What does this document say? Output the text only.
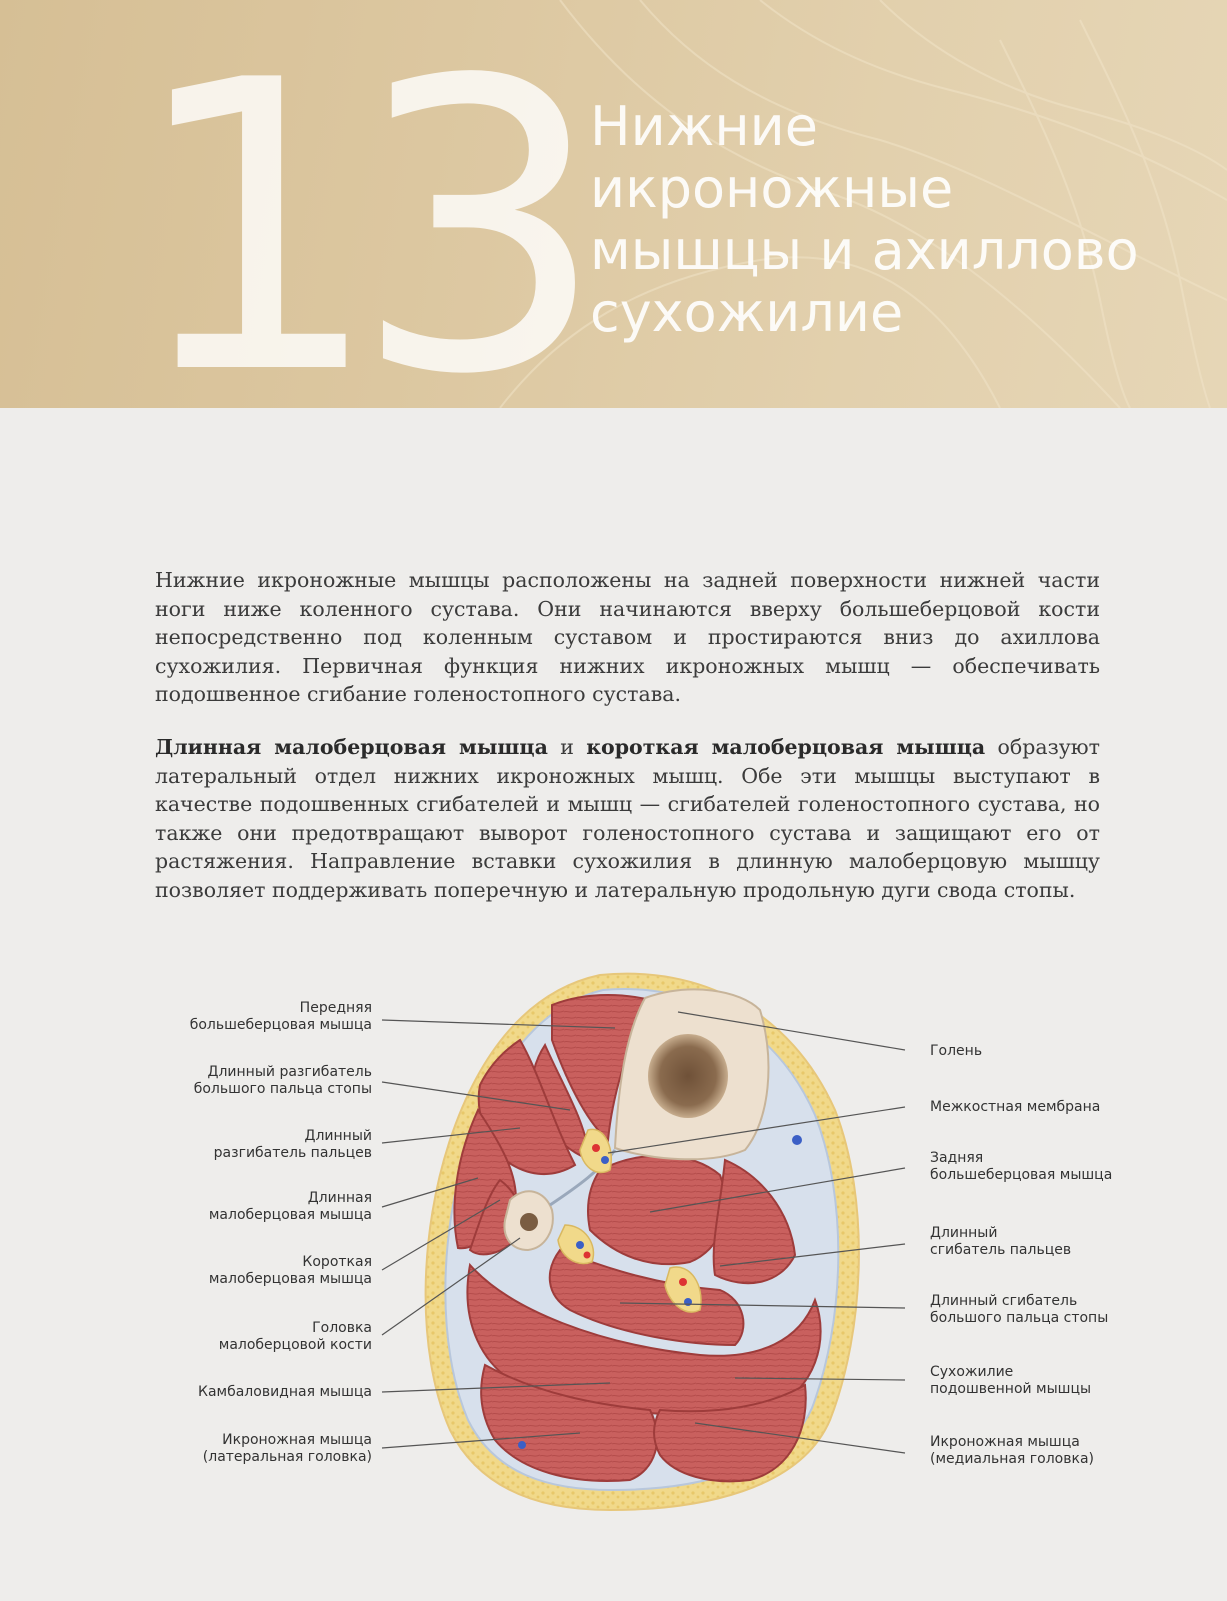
13 Нижние икроножные
мышцы и ахиллово
сухожилие

Нижние икроножные мышцы расположены на задней поверхности нижней части ноги ниже коленного сустава. Они начинаются вверху большеберцовой кости непосредственно под коленным суставом и простираются вниз до ахиллова сухожилия. Первичная функция нижних икроножных мышц — обеспечивать подошвенное сгибание голеностопного сустава.

Длинная малоберцовая мышца и короткая малоберцовая мышца образуют латеральный отдел нижних икроножных мышц. Обе эти мышцы выступают в качестве подошвенных сгибателей и мышц — сгибателей голеностопного сустава, но также они предотвращают выворот голеностопного сустава и защищают его от растяжения. Направление вставки сухожилия в длинную малоберцовую мышцу позволяет поддерживать поперечную и латеральную продольную дуги свода стопы.

Передняя
большеберцовая мышца
Длинный разгибатель
большого пальца стопы
Длинный
разгибатель пальцев
Длинная
малоберцовая мышца
Короткая
малоберцовая мышца
Головка
малоберцовой кости
Камбаловидная мышца
Икроножная мышца
(латеральная головка)
Голень
Межкостная мембрана
Задняя
большеберцовая мышца
Длинный
сгибатель пальцев
Длинный сгибатель
большого пальца стопы
Сухожилие
подошвенной мышцы
Икроножная мышца
(медиальная головка)
